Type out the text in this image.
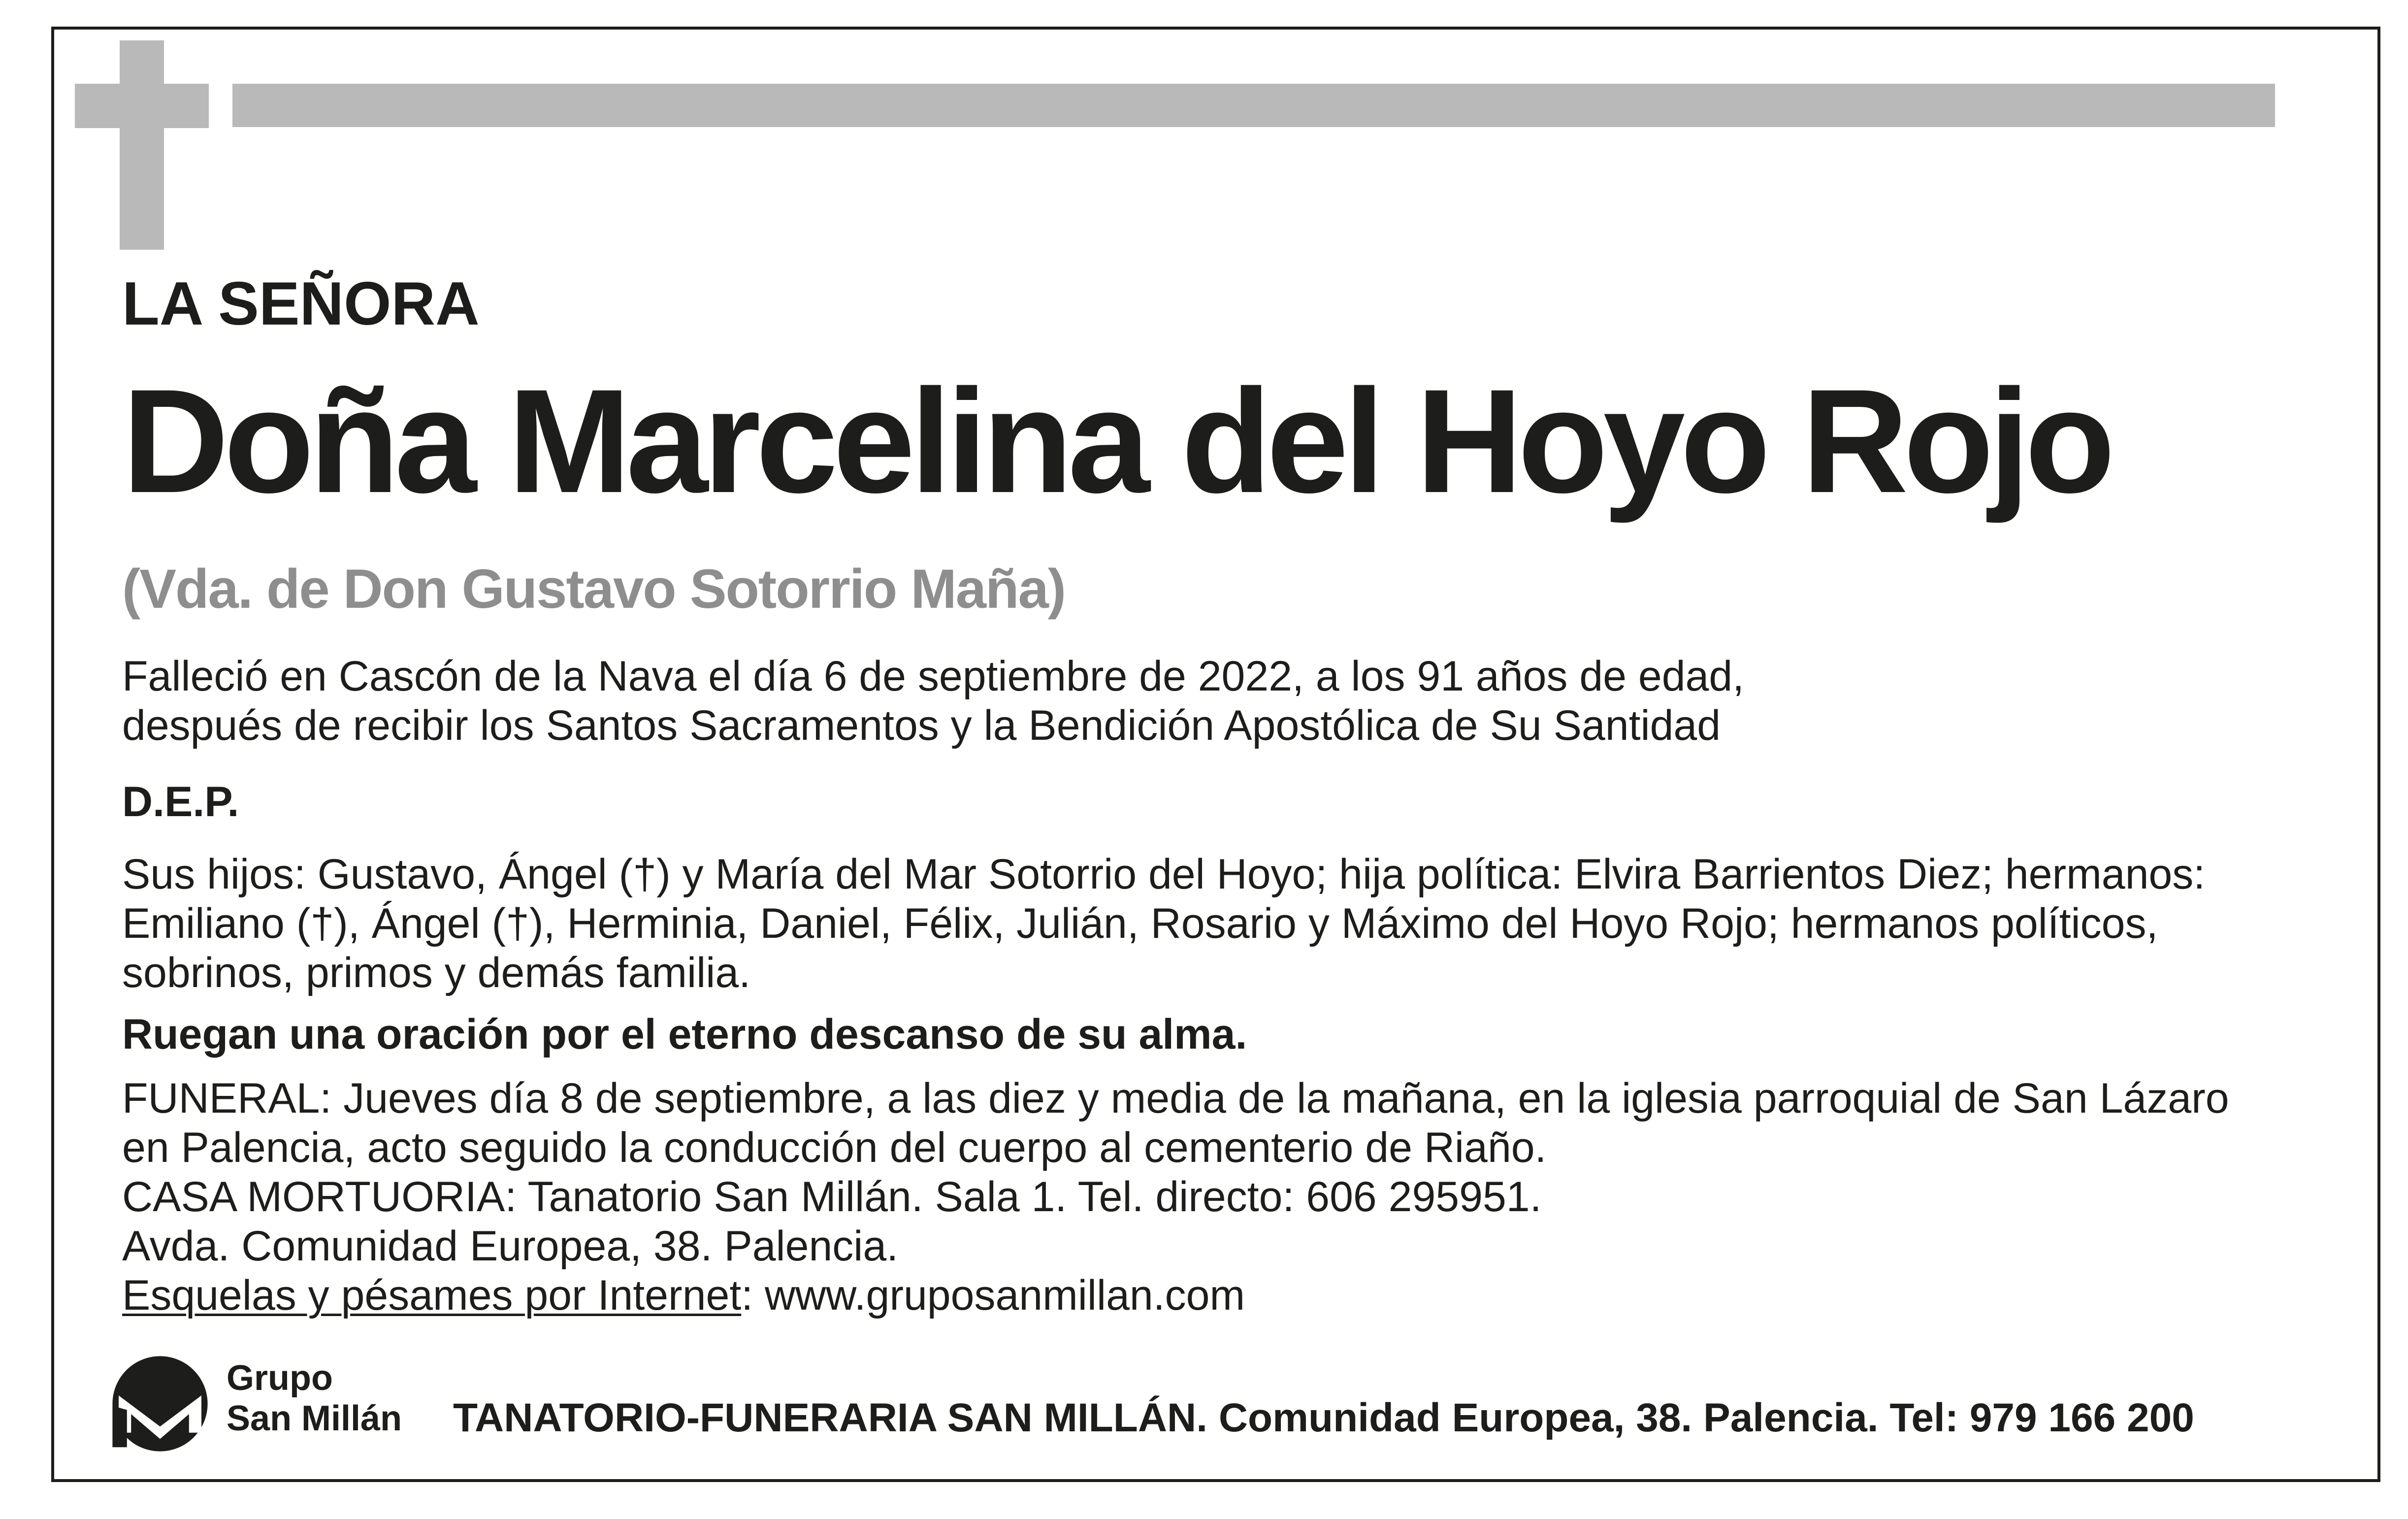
LA SEÑORA
Doña Marcelina del Hoyo Rojo
(Vda. de Don Gustavo Sotorrio Maña)
Falleció en Cascón de la Nava el día 6 de septiembre de 2022, a los 91 años de edad,
después de recibir los Santos Sacramentos y la Bendición Apostólica de Su Santidad
D.E.P.
Sus hijos: Gustavo, Ángel (†) y María del Mar Sotorrio del Hoyo; hija política: Elvira Barrientos Diez; hermanos:
Emiliano (†), Ángel (†), Herminia, Daniel, Félix, Julián, Rosario y Máximo del Hoyo Rojo; hermanos políticos,
sobrinos, primos y demás familia.
Ruegan una oración por el eterno descanso de su alma.
FUNERAL: Jueves día 8 de septiembre, a las diez y media de la mañana, en la iglesia parroquial de San Lázaro
en Palencia, acto seguido la conducción del cuerpo al cementerio de Riaño.
CASA MORTUORIA: Tanatorio San Millán. Sala 1. Tel. directo: 606 295951.
Avda. Comunidad Europea, 38. Palencia.
Esquelas y pésames por Internet: www.gruposanmillan.com
Grupo
San Millán TANATORIO-FUNERARIA SAN MILLÁN. Comunidad Europea, 38. Palencia. Tel: 979 166 200
